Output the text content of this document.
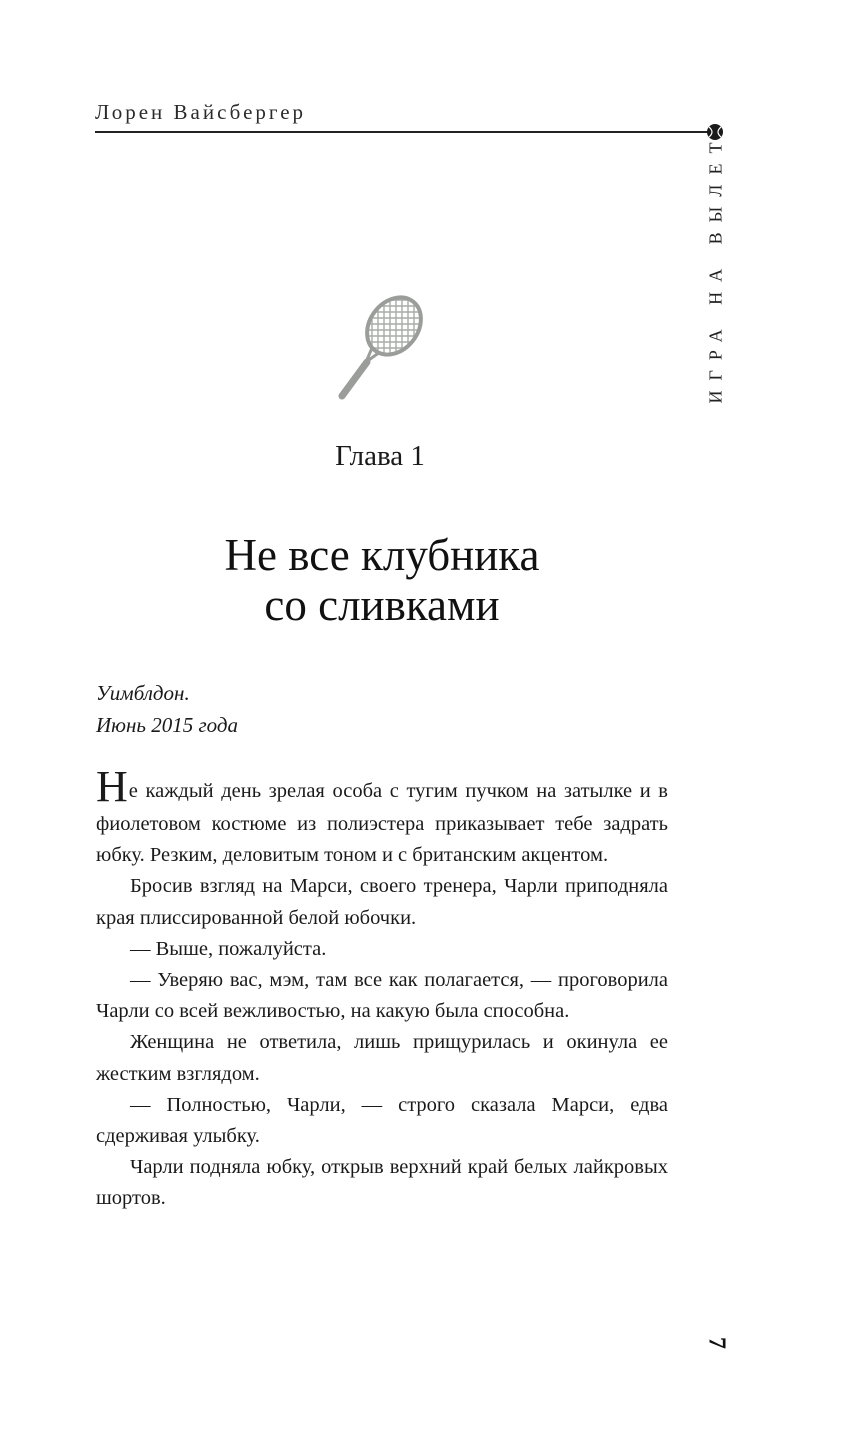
Лорен Вайсбергер
ИГРА НА ВЫЛЕТ
Глава 1
Не все клубника
со сливками
Уимблдон.
Июнь 2015 года

Не каждый день зрелая особа с тугим пучком на затылке и в фиолетовом костюме из полиэстера приказывает тебе задрать юбку. Резким, деловитым тоном и с британским акцентом.

Бросив взгляд на Марси, своего тренера, Чарли приподняла края плиссированной белой юбочки.

— Выше, пожалуйста.

— Уверяю вас, мэм, там все как полагается, — проговорила Чарли со всей вежливостью, на какую была способна.

Женщина не ответила, лишь прищурилась и окинула ее жестким взглядом.

— Полностью, Чарли, — строго сказала Марси, едва сдерживая улыбку.

Чарли подняла юбку, открыв верхний край белых лайкровых шортов.

7
